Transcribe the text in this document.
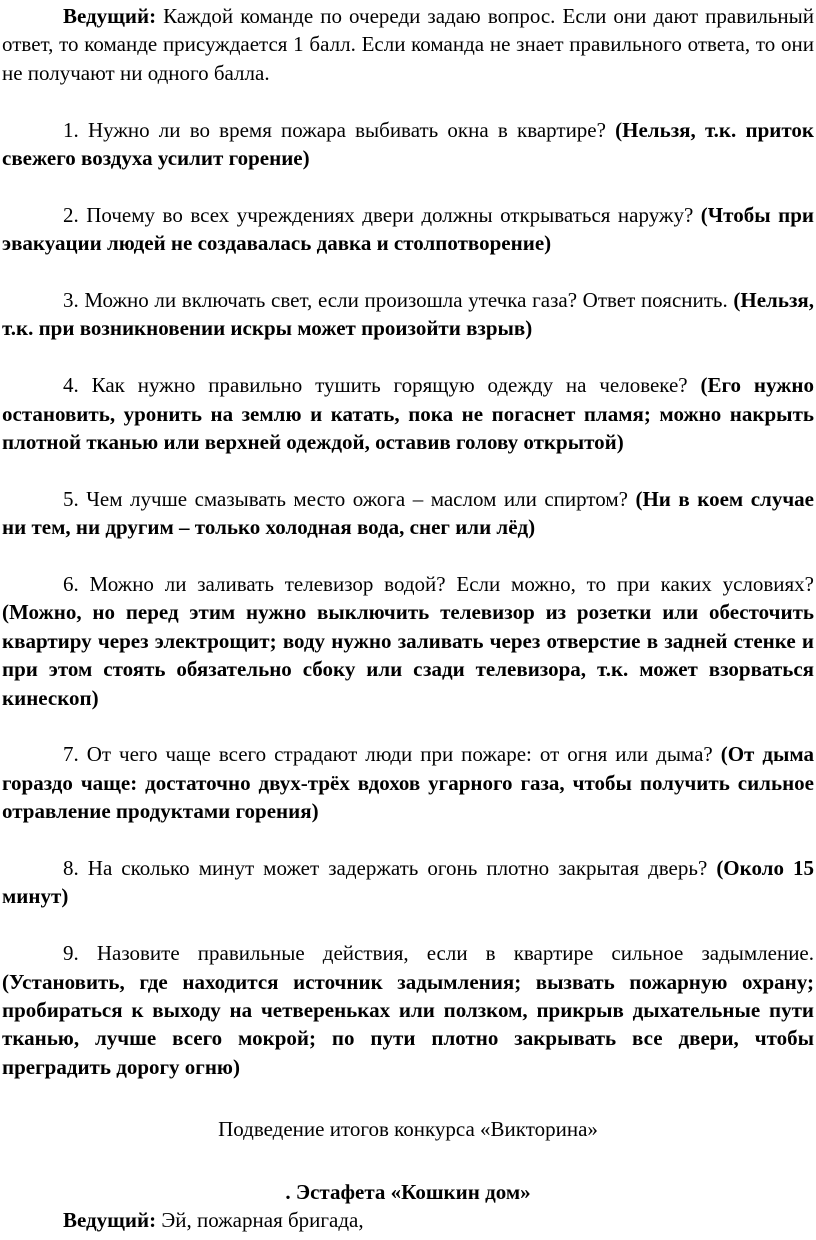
Ведущий: Каждой команде по очереди задаю вопрос. Если они дают правильный ответ, то команде присуждается 1 балл. Если команда не знает правильного ответа, то они не получают ни одного балла.

1. Нужно ли во время пожара выбивать окна в квартире? (Нельзя, т.к. приток свежего воздуха усилит горение)

2. Почему во всех учреждениях двери должны открываться наружу? (Чтобы при эвакуации людей не создавалась давка и столпотворение)

3. Можно ли включать свет, если произошла утечка газа? Ответ пояснить. (Нельзя, т.к. при возникновении искры может произойти взрыв)

4. Как нужно правильно тушить горящую одежду на человеке? (Его нужно остановить, уронить на землю и катать, пока не погаснет пламя; можно накрыть плотной тканью или верхней одеждой, оставив голову открытой)

5. Чем лучше смазывать место ожога – маслом или спиртом? (Ни в коем случае ни тем, ни другим – только холодная вода, снег или лёд)

6. Можно ли заливать телевизор водой? Если можно, то при каких условиях? (Можно, но перед этим нужно выключить телевизор из розетки или обесточить квартиру через электрощит; воду нужно заливать через отверстие в задней стенке и при этом стоять обязательно сбоку или сзади телевизора, т.к. может взорваться кинескоп)

7. От чего чаще всего страдают люди при пожаре: от огня или дыма? (От дыма гораздо чаще: достаточно двух-трёх вдохов угарного газа, чтобы получить сильное отравление продуктами горения)

8. На сколько минут может задержать огонь плотно закрытая дверь? (Около 15 минут)

9. Назовите правильные действия, если в квартире сильное задымление. (Установить, где находится источник задымления; вызвать пожарную охрану; пробираться к выходу на четвереньках или ползком, прикрыв дыхательные пути тканью, лучше всего мокрой; по пути плотно закрывать все двери, чтобы преградить дорогу огню)

Подведение итогов конкурса «Викторина»

. Эстафета «Кошкин дом»

Ведущий: Эй, пожарная бригада,
